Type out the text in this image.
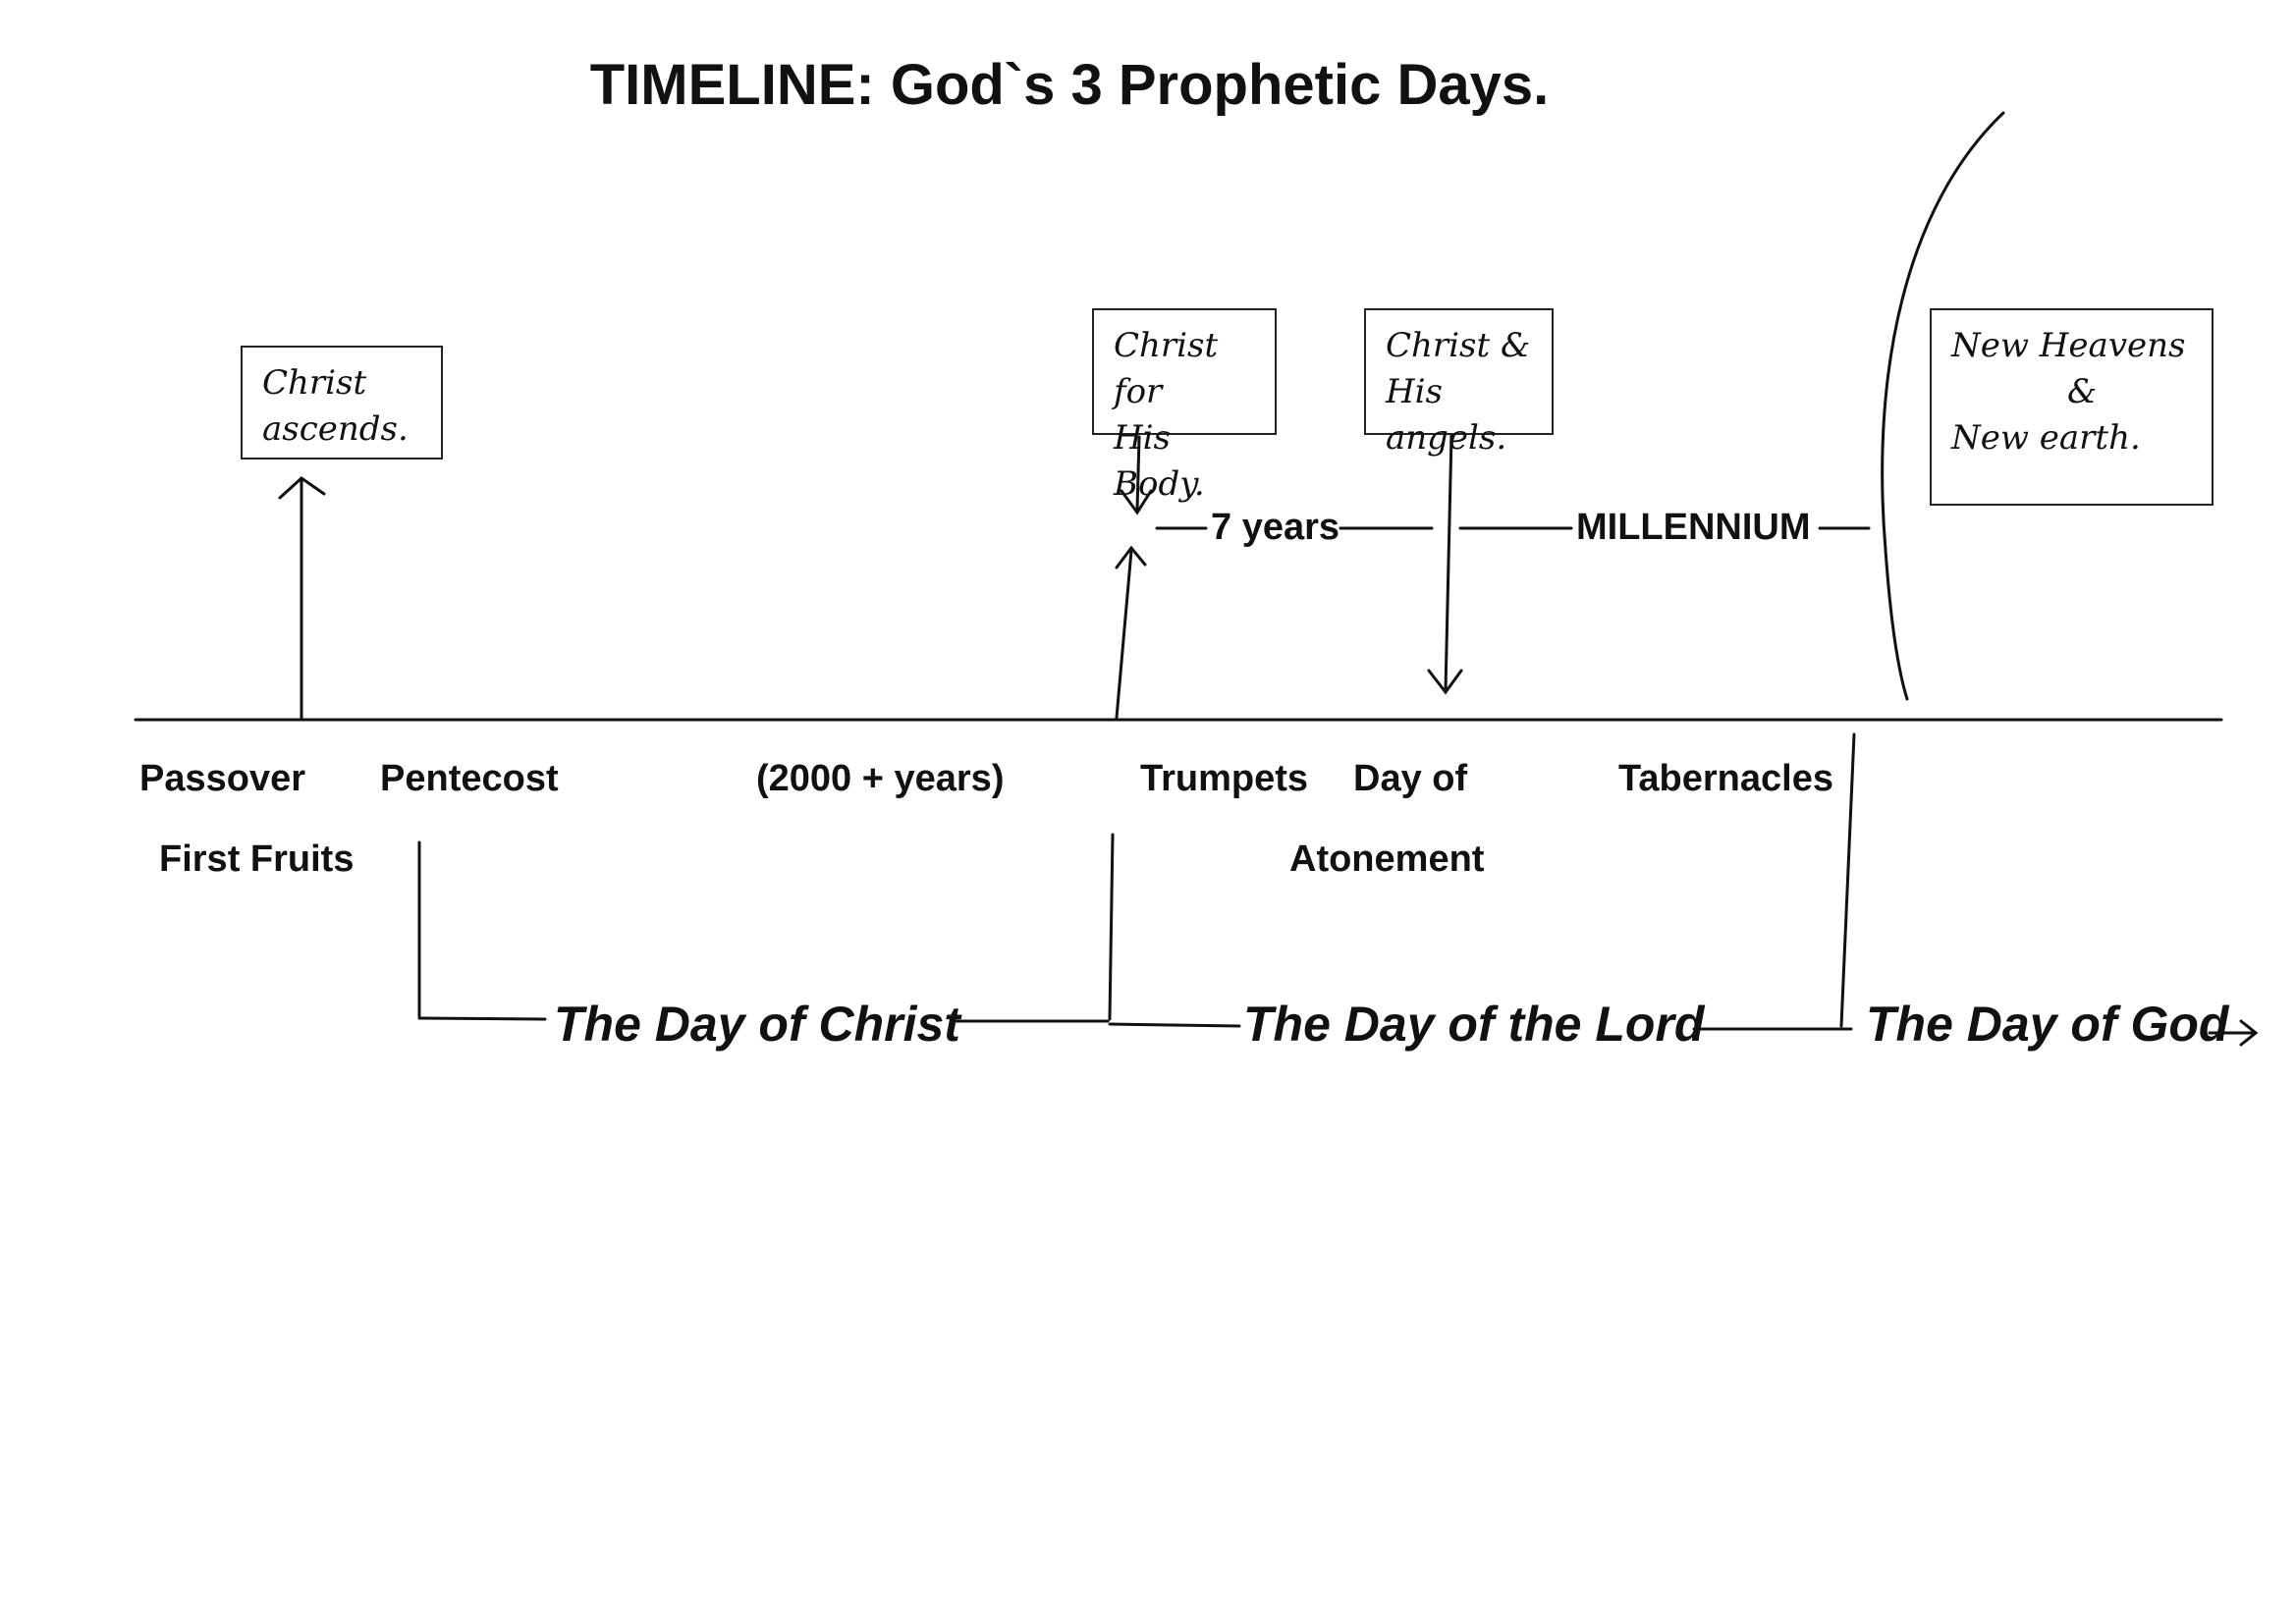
TIMELINE: God`s 3 Prophetic Days.
Christ
ascends.
Christ for
His Body.
Christ &
His angels.
New Heavens
&
New earth.
7 years	MILLENNIUM
Passover
First Fruits
Pentecost	(2000 + years)	Trumpets Day of
Atonement
Tabernacles
The Day of Christ	The Day of the Lord	The Day of God
